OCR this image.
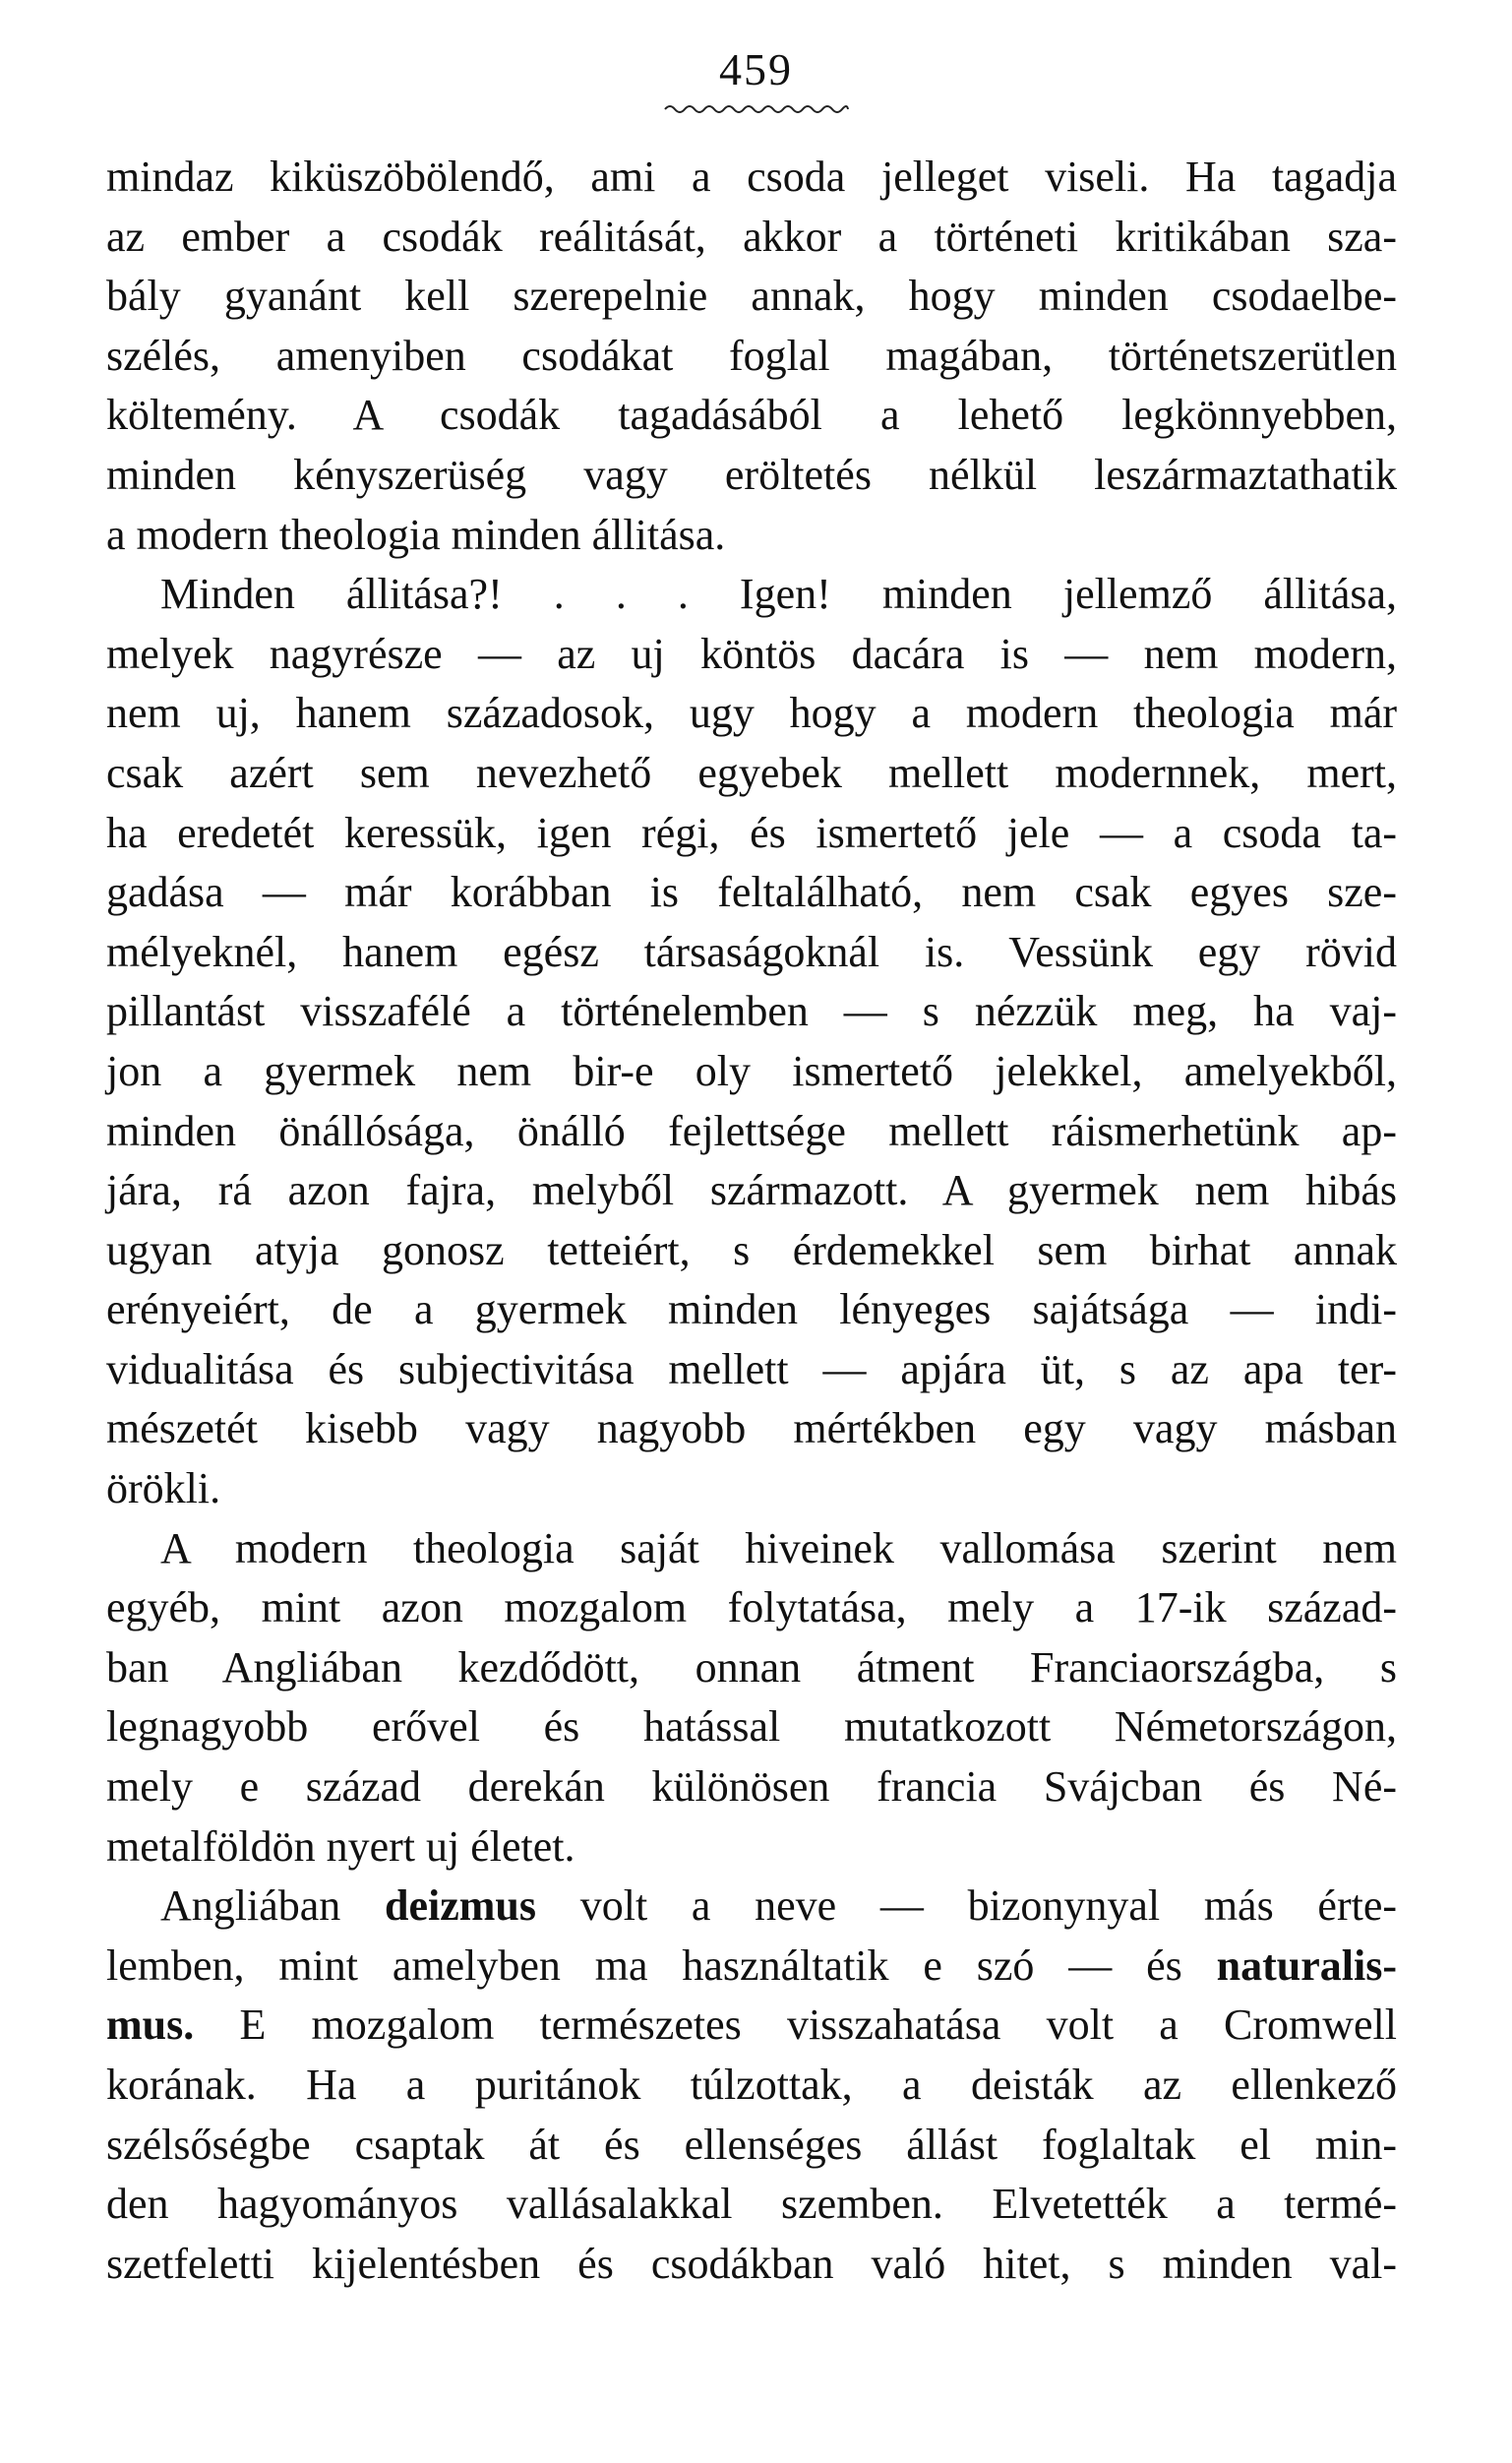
459
mindaz kiküszöbölendő, ami a csoda jelleget viseli. Ha tagadja
az ember a csodák reálitását, akkor a történeti kritikában sza-
bály gyanánt kell szerepelnie annak, hogy minden csodaelbe-
szélés, amenyiben csodákat foglal magában, történetszerütlen
költemény. A csodák tagadásából a lehető legkönnyebben,
minden kényszerüség vagy eröltetés nélkül leszármaztathatik
a modern theologia minden állitása.
Minden állitása?! . . . Igen! minden jellemző állitása,
melyek nagyrésze — az uj köntös dacára is — nem modern,
nem uj, hanem századosok, ugy hogy a modern theologia már
csak azért sem nevezhető egyebek mellett modernnek, mert,
ha eredetét keressük, igen régi, és ismertető jele — a csoda ta-
gadása — már korábban is feltalálható, nem csak egyes sze-
mélyeknél, hanem egész társaságoknál is. Vessünk egy rövid
pillantást visszafélé a történelemben — s nézzük meg, ha vaj-
jon a gyermek nem bir-e oly ismertető jelekkel, amelyekből,
minden önállósága, önálló fejlettsége mellett ráismerhetünk ap-
jára, rá azon fajra, melyből származott. A gyermek nem hibás
ugyan atyja gonosz tetteiért, s érdemekkel sem birhat annak
erényeiért, de a gyermek minden lényeges sajátsága — indi-
vidualitása és subjectivitása mellett — apjára üt, s az apa ter-
mészetét kisebb vagy nagyobb mértékben egy vagy másban
örökli.
A modern theologia saját hiveinek vallomása szerint nem
egyéb, mint azon mozgalom folytatása, mely a 17-ik század-
ban Angliában kezdődött, onnan átment Franciaországba, s
legnagyobb erővel és hatással mutatkozott Németországon,
mely e század derekán különösen francia Svájcban és Né-
metalföldön nyert uj életet.
Angliában deizmus volt a neve — bizonynyal más érte-
lemben, mint amelyben ma használtatik e szó — és naturalis-
mus. E mozgalom természetes visszahatása volt a Cromwell
korának. Ha a puritánok túlzottak, a deisták az ellenkező
szélsőségbe csaptak át és ellenséges állást foglaltak el min-
den hagyományos vallásalakkal szemben. Elvetették a termé-
szetfeletti kijelentésben és csodákban való hitet, s minden val-
